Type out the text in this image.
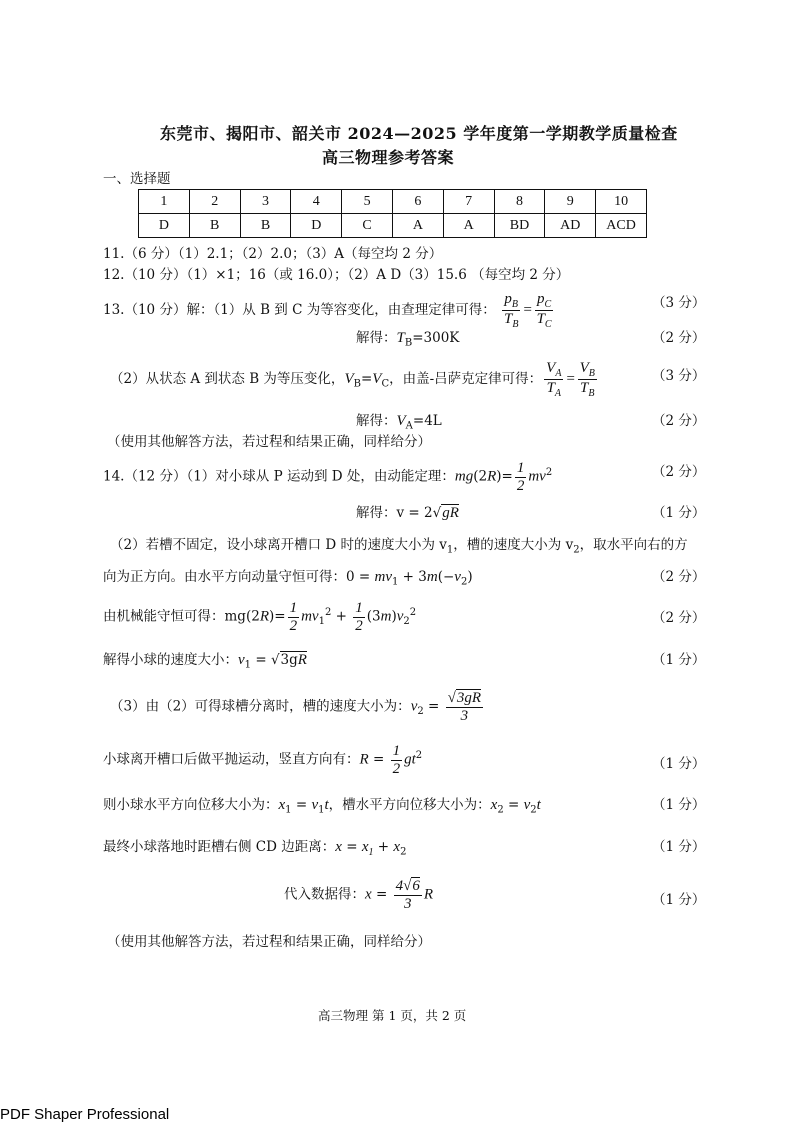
东莞市、揭阳市、韶关市 2024—2025 学年度第一学期教学质量检查
高三物理参考答案
一、选择题
1	2	3	4	5	6	7	8	9	10
D	B	B	D	C	A	A	BD	AD	ACD
11.（6 分）（1）2.1；（2）2.0；（3）A（每空均 2 分）
12.（10 分）（1）×1；16（或 16.0）；（2）A D（3）15.6 （每空均 2 分）
13.（10 分）解：（1）从 B 到 C 为等容变化，由查理定律可得： $\frac{p_B}{T_B} = \frac{p_C}{T_C}$	（3 分）
解得：$T_B=300K$	（2 分）
（2）从状态 A 到状态 B 为等压变化，$V_B=V_C$，由盖-吕萨克定律可得： $\frac{V_A}{T_A} = \frac{V_B}{T_B}$	（3 分）
解得：$V_A=4L$	（2 分）
（使用其他解答方法，若过程和结果正确，同样给分）
14.（12 分）（1）对小球从 P 运动到 D 处，由动能定理：$mg(2R)= \frac{1}{2} mv^2$	（2 分）
解得：v = 2√gR	（1 分）
（2）若槽不固定，设小球离开槽口 D 时的速度大小为 $v_1$，槽的速度大小为 $v_2$，取水平向右的方
向为正方向。由水平方向动量守恒可得：$0 = mv_1 + 3m(-v_2)$	（2 分）
由机械能守恒可得：$mg(2R)= \frac{1}{2} mv_1^2 + \frac{1}{2} (3m)v_2^2$	（2 分）
解得小球的速度大小：$v_1 = √3gR$	（1 分）
（3）由（2）可得球槽分离时，槽的速度大小为：$v_2 = \frac{√3gR}{3}$
小球离开槽口后做平抛运动，竖直方向有：$R = \frac{1}{2} gt^2$
（1 分）
则小球水平方向位移大小为：$x_1 = v_1t$，槽水平方向位移大小为：$x_2 = v_2t$	（1 分）
最终小球落地时距槽右侧 CD 边距离：$x = x_1 + x_2$	（1 分）
代入数据得：$x = \frac{4√6}{3}$ R	（1 分）
（使用其他解答方法，若过程和结果正确，同样给分）
高三物理 第 1 页，共 2 页
PDF Shaper Professional
